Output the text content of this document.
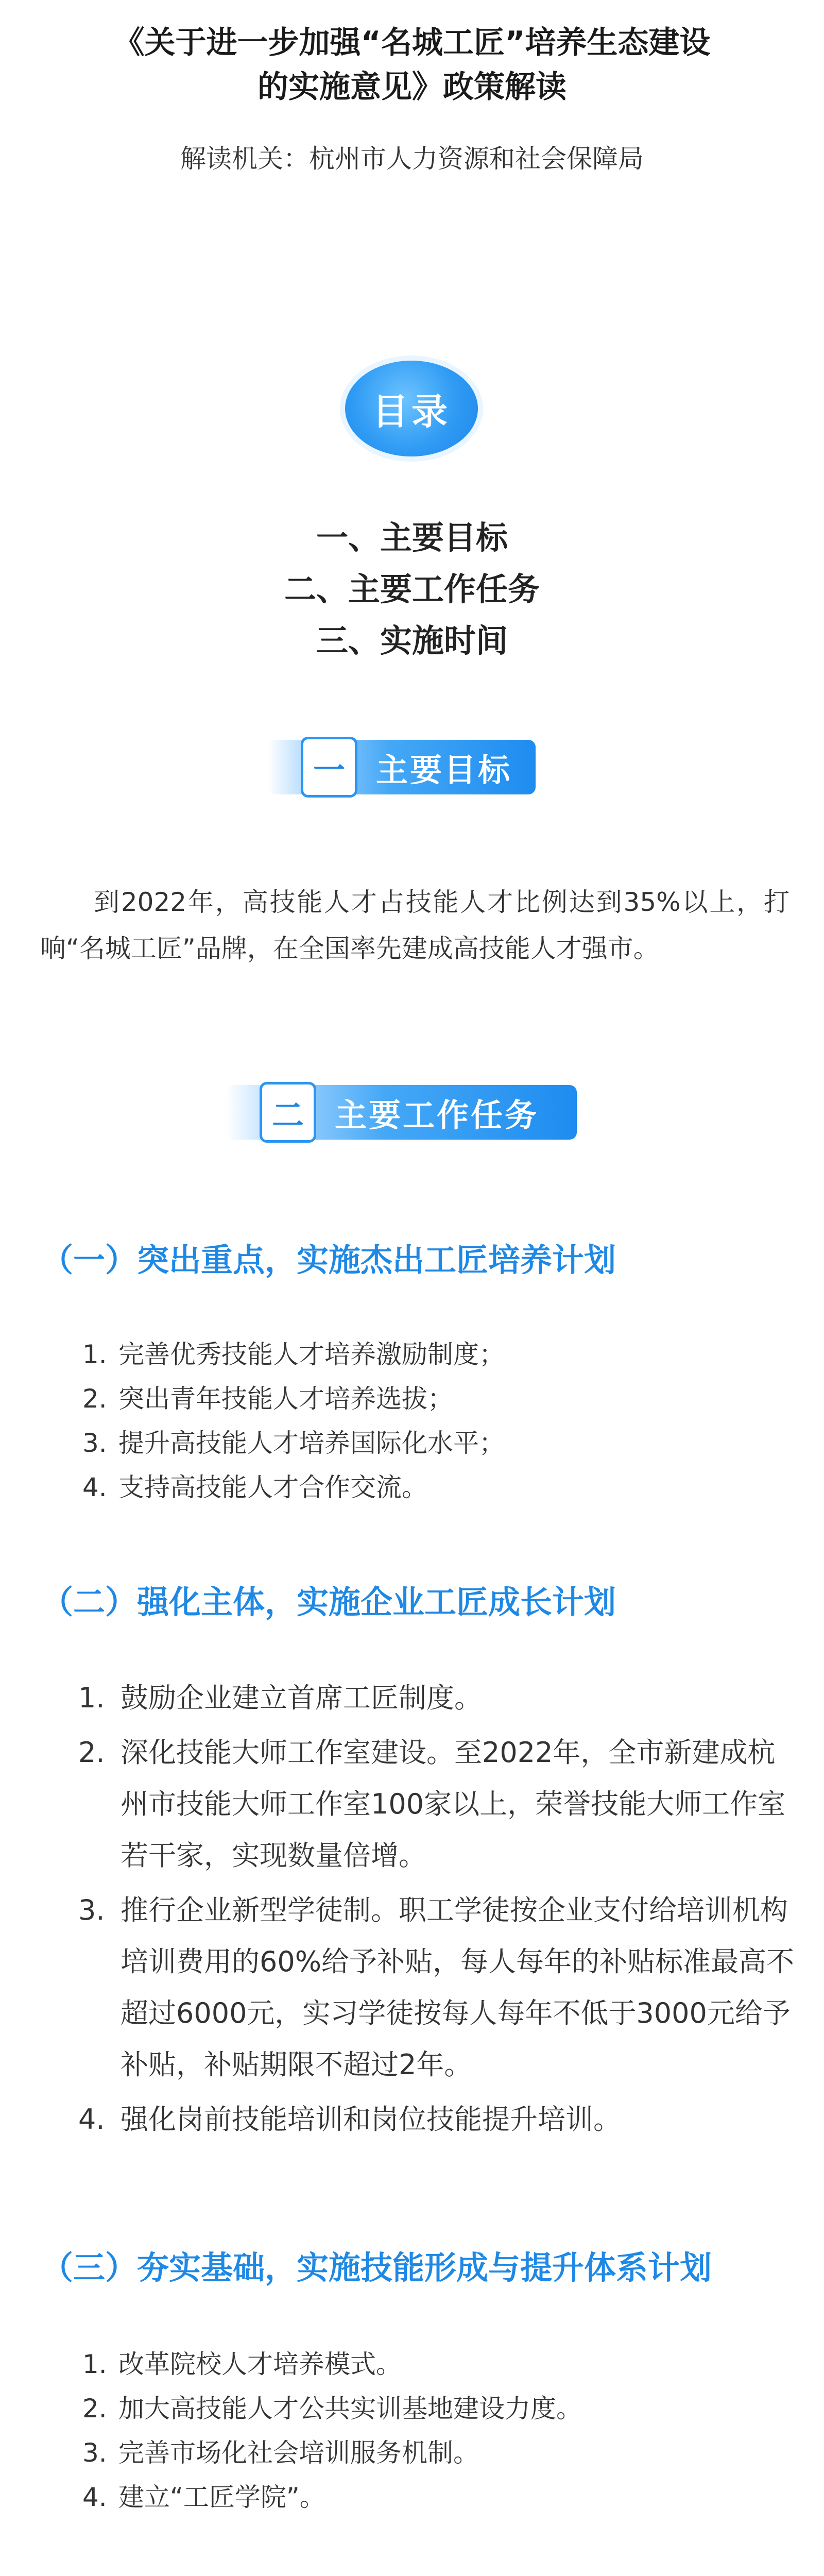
《关于进一步加强“名城工匠”培养生态建设
的实施意见》政策解读
解读机关：杭州市人力资源和社会保障局
目录
一、主要目标
二、主要工作任务
三、实施时间
一 主要目标
到2022年，高技能人才占技能人才比例达到35%以上，打响“名城工匠”品牌，在全国率先建成高技能人才强市。
二 主要工作任务
（一）突出重点，实施杰出工匠培养计划
1. 完善优秀技能人才培养激励制度；
2. 突出青年技能人才培养选拔；
3. 提升高技能人才培养国际化水平；
4. 支持高技能人才合作交流。
（二）强化主体，实施企业工匠成长计划
1. 鼓励企业建立首席工匠制度。
2. 深化技能大师工作室建设。至2022年，全市新建成杭州市技能大师工作室100家以上，荣誉技能大师工作室若干家，实现数量倍增。
3. 推行企业新型学徒制。职工学徒按企业支付给培训机构培训费用的60%给予补贴，每人每年的补贴标准最高不超过6000元，实习学徒按每人每年不低于3000元给予补贴，补贴期限不超过2年。
4. 强化岗前技能培训和岗位技能提升培训。
（三）夯实基础，实施技能形成与提升体系计划
1. 改革院校人才培养模式。
2. 加大高技能人才公共实训基地建设力度。
3. 完善市场化社会培训服务机制。
4. 建立“工匠学院”。
